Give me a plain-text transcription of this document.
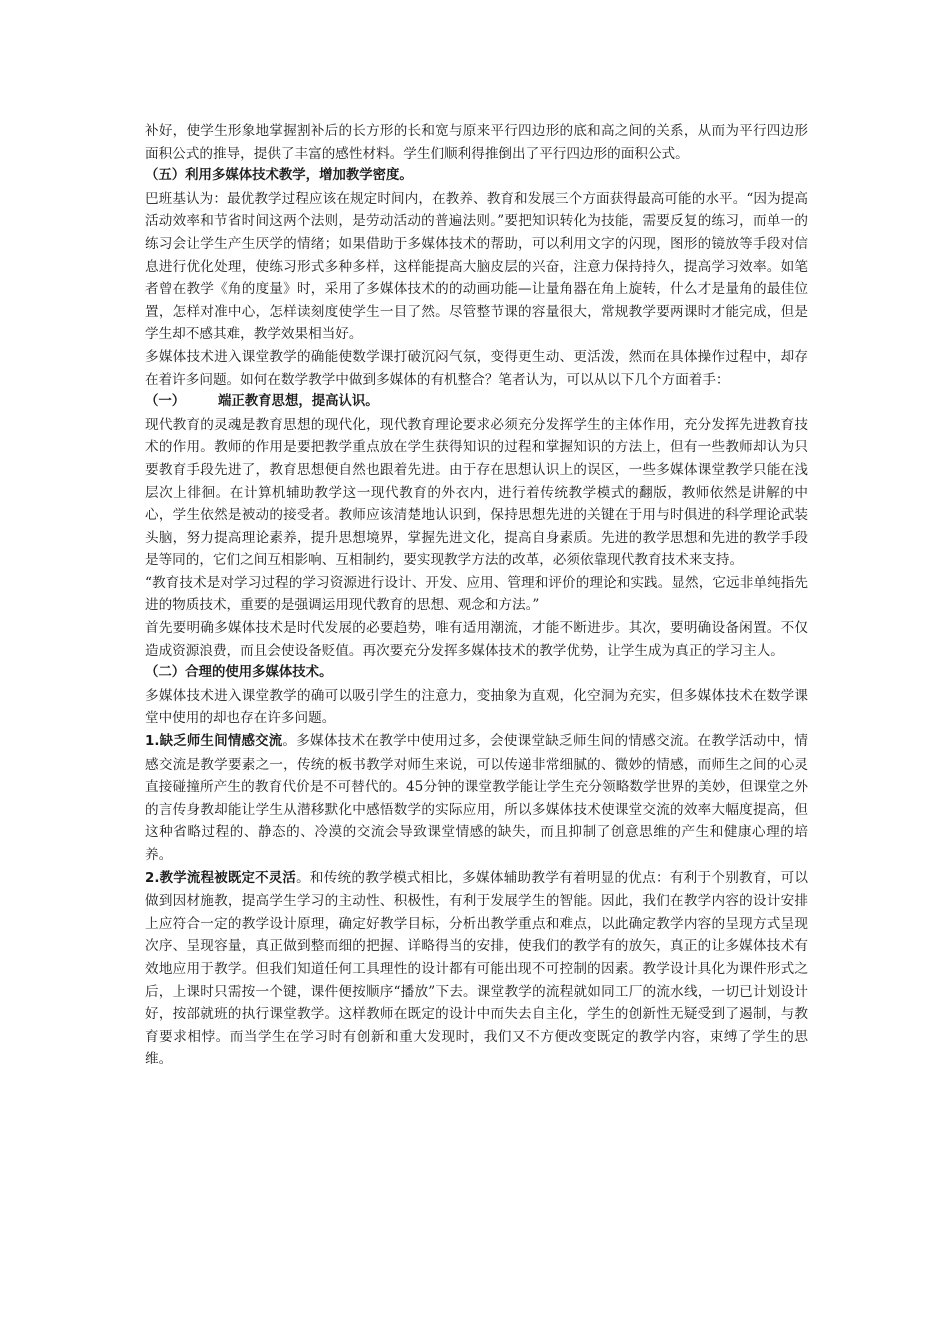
补好，使学生形象地掌握割补后的长方形的长和宽与原来平行四边形的底和高之间的关系，从而为平行四边形面积公式的推导，提供了丰富的感性材料。学生们顺利得推倒出了平行四边形的面积公式。

（五）利用多媒体技术教学，增加教学密度。

巴班基认为：最优教学过程应该在规定时间内，在教养、教育和发展三个方面获得最高可能的水平。“因为提高活动效率和节省时间这两个法则，是劳动活动的普遍法则。”要把知识转化为技能，需要反复的练习，而单一的练习会让学生产生厌学的情绪；如果借助于多媒体技术的帮助，可以利用文字的闪现，图形的镜放等手段对信息进行优化处理，使练习形式多种多样，这样能提高大脑皮层的兴奋，注意力保持持久，提高学习效率。如笔者曾在教学《角的度量》时，采用了多媒体技术的的动画功能—让量角器在角上旋转，什么才是量角的最佳位置，怎样对准中心，怎样读刻度使学生一目了然。尽管整节课的容量很大，常规教学要两课时才能完成，但是学生却不感其难，教学效果相当好。

多媒体技术进入课堂教学的确能使数学课打破沉闷气氛，变得更生动、更活泼，然而在具体操作过程中，却存在着许多问题。如何在数学教学中做到多媒体的有机整合？笔者认为，可以从以下几个方面着手：

（一） 端正教育思想，提高认识。

现代教育的灵魂是教育思想的现代化，现代教育理论要求必须充分发挥学生的主体作用，充分发挥先进教育技术的作用。教师的作用是要把教学重点放在学生获得知识的过程和掌握知识的方法上，但有一些教师却认为只要教育手段先进了，教育思想便自然也跟着先进。由于存在思想认识上的误区，一些多媒体课堂教学只能在浅层次上徘徊。在计算机辅助教学这一现代教育的外衣内，进行着传统教学模式的翻版，教师依然是讲解的中心，学生依然是被动的接受者。教师应该清楚地认识到，保持思想先进的关键在于用与时俱进的科学理论武装头脑，努力提高理论素养，提升思想境界，掌握先进文化，提高自身素质。先进的教学思想和先进的教学手段是等同的，它们之间互相影响、互相制约，要实现教学方法的改革，必须依靠现代教育技术来支持。

“教育技术是对学习过程的学习资源进行设计、开发、应用、管理和评价的理论和实践。显然，它远非单纯指先进的物质技术，重要的是强调运用现代教育的思想、观念和方法。”

首先要明确多媒体技术是时代发展的必要趋势，唯有适用潮流，才能不断进步。其次，要明确设备闲置。不仅造成资源浪费，而且会使设备贬值。再次要充分发挥多媒体技术的教学优势，让学生成为真正的学习主人。

（二）合理的使用多媒体技术。

多媒体技术进入课堂教学的确可以吸引学生的注意力，变抽象为直观，化空洞为充实，但多媒体技术在数学课堂中使用的却也存在许多问题。

1.缺乏师生间情感交流。多媒体技术在教学中使用过多，会使课堂缺乏师生间的情感交流。在教学活动中，情感交流是教学要素之一，传统的板书教学对师生来说，可以传递非常细腻的、微妙的情感，而师生之间的心灵直接碰撞所产生的教育代价是不可替代的。45分钟的课堂教学能让学生充分领略数学世界的美妙，但课堂之外的言传身教却能让学生从潜移默化中感悟数学的实际应用，所以多媒体技术使课堂交流的效率大幅度提高，但这种省略过程的、静态的、冷漠的交流会导致课堂情感的缺失，而且抑制了创意思维的产生和健康心理的培养。

2.教学流程被既定不灵活。和传统的教学模式相比，多媒体辅助教学有着明显的优点：有利于个别教育，可以做到因材施教，提高学生学习的主动性、积极性，有利于发展学生的智能。因此，我们在教学内容的设计安排上应符合一定的教学设计原理，确定好教学目标，分析出教学重点和难点，以此确定教学内容的呈现方式呈现次序、呈现容量，真正做到整而细的把握、详略得当的安排，使我们的教学有的放矢，真正的让多媒体技术有效地应用于教学。但我们知道任何工具理性的设计都有可能出现不可控制的因素。教学设计具化为课件形式之后，上课时只需按一个键，课件便按顺序“播放”下去。课堂教学的流程就如同工厂的流水线，一切已计划设计好，按部就班的执行课堂教学。这样教师在既定的设计中而失去自主化，学生的创新性无疑受到了遏制，与教育要求相悖。而当学生在学习时有创新和重大发现时，我们又不方便改变既定的教学内容，束缚了学生的思维。
